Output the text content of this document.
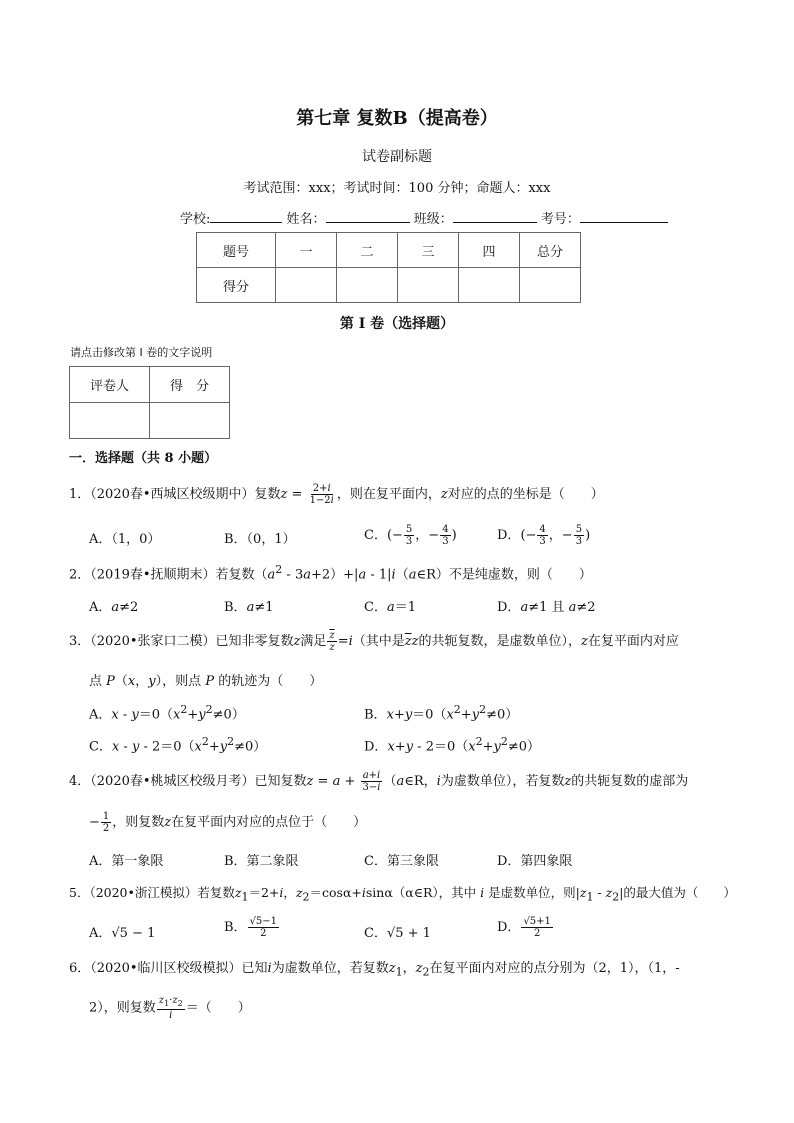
第七章 复数B（提高卷）
试卷副标题
考试范围：xxx；考试时间：100 分钟；命题人：xxx
学校:	姓名：	班级：	考号：
题号	一	二	三	四	总分
得分					
第 I 卷（选择题）
请点击修改第 I 卷的文字说明
评卷人	得　分

一．选择题（共 8 小题）
1．（2020春•西城区校级期中）复数$z = \frac{2+i}{1-2i}$ ，则在复平面内，z对应的点的坐标是（　　）
A．（1，0）	B．（0，1）	C．(− $\frac{5}{3}$ ，− $\frac{4}{3}$ )	D．(− $\frac{4}{3}$ ，− $\frac{5}{3}$ )
2．（2019春•抚顺期末）若复数$(a^2 - 3a+2)+|a$ - 1|i（a∈R）不是纯虚数，则（　　）
A．a≠2	B．a≠1	C．a＝1	D．a≠1 且 a≠2
3．（2020•张家口二模）已知非零复数z满足 $\frac{\overline{z}}{z} =i$（其中是$\overline{z}z$的共轭复数，是虚数单位），z在复平面内对应
点 P（x，y），则点 P 的轨迹为（　　）
A．$x - y=0(x^2+y^2\ne 0)$	B．$x+y=0(x^2+y^2\ne 0)$
C．$x - y - 2=0(x^2+y^2\ne 0)$	D．$x+y - 2=0(x^2+y^2\ne 0)$
4．（2020春•桃城区校级月考）已知复数$z = a + \frac{a+i}{3-i}$ （a∈R，i为虚数单位），若复数z的共轭复数的虚部为
− $\frac{1}{2}$ ，则复数z在复平面内对应的点位于（　　）
A．第一象限	B．第二象限	C．第三象限	D．第四象限
5．（2020•浙江模拟）若复数$z_1=2+i$，$z_2=\cos\alpha+isin\alpha(\alpha\in R)$，其中 i 是虚数单位，则$|z_1 - z_2|$的最大值为（　　）
A．√5 − 1	B． $\frac{√5-1}{2}$	C．√5 + 1	D． $\frac{√5+1}{2}$
6．（2020•临川区校级模拟）已知i为虚数单位，若复数$z_1$，$z_2$在复平面内对应的点分别为（2，1），（1，-
2），则复数 $\frac{z_1\cdot z_2}{i}$ ＝（　　）
